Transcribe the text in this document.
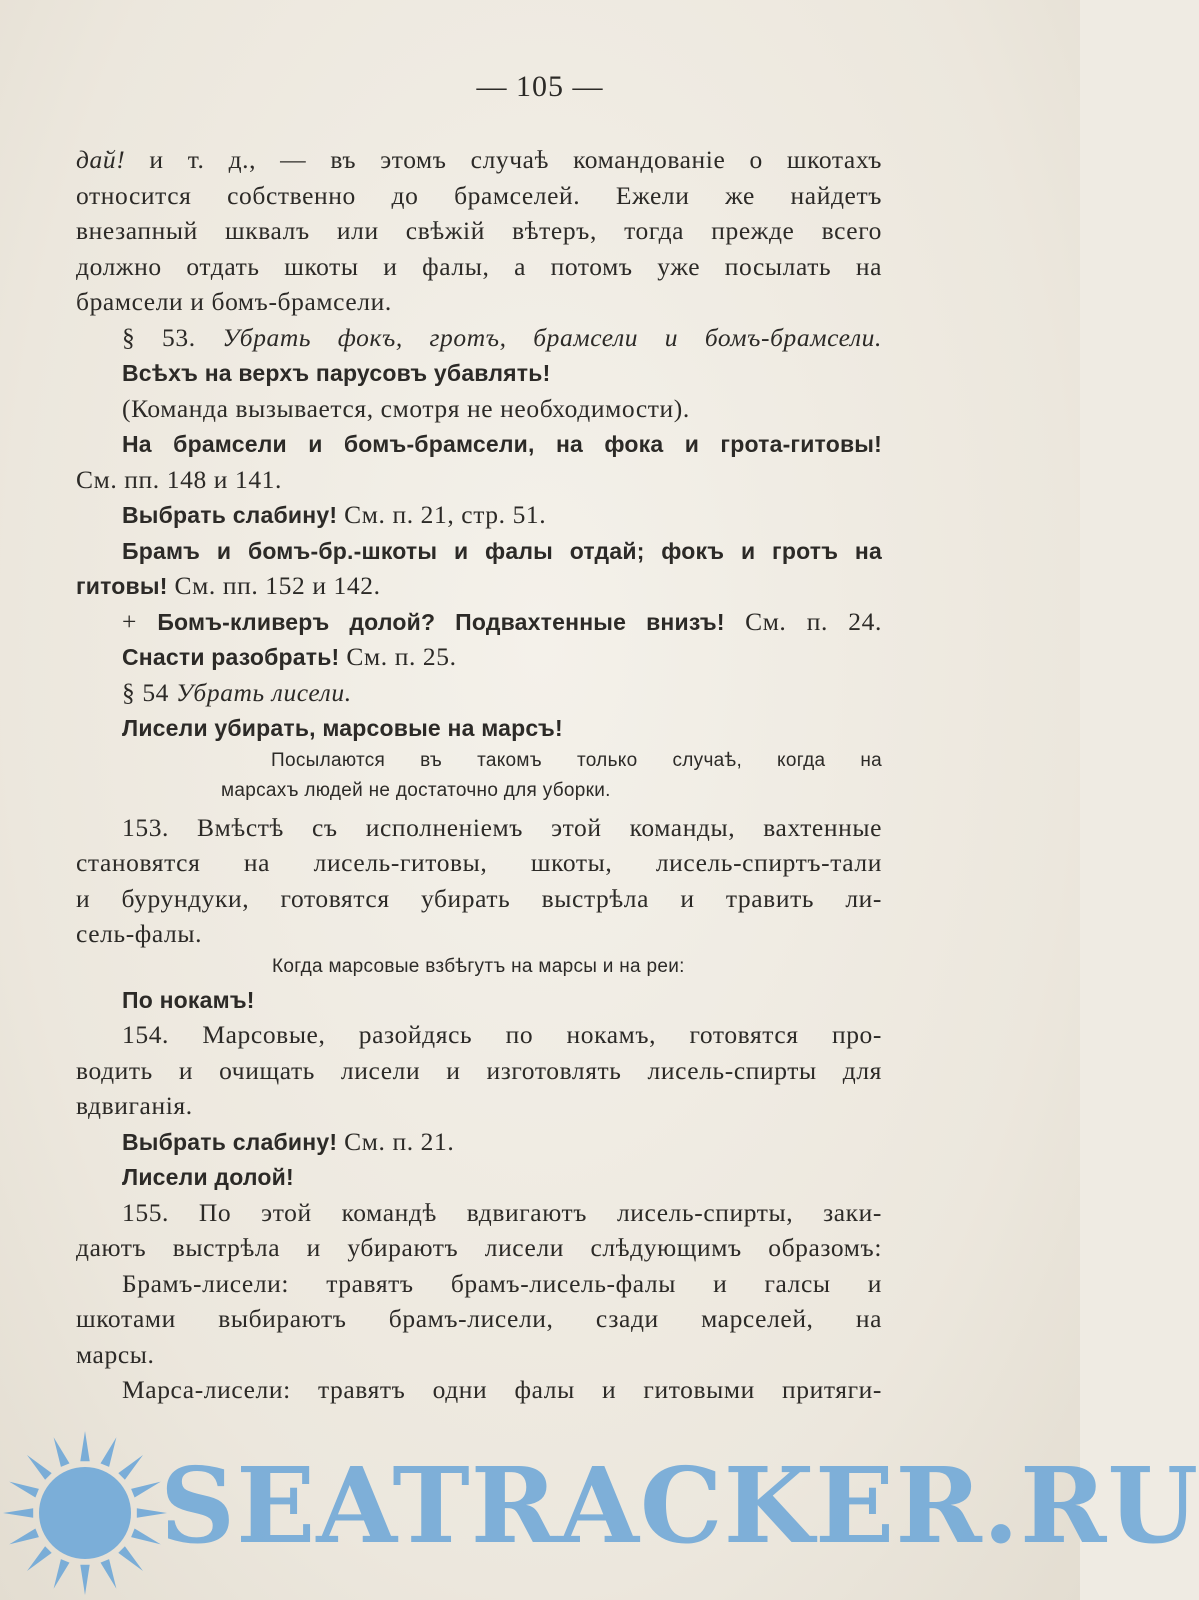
— 105 —
дай! и т. д., — въ этомъ случаѣ командованіе о шкотахъ
относится собственно до брамселей. Ежели же найдетъ
внезапный шквалъ или свѣжій вѣтеръ, тогда прежде всего
должно отдать шкоты и фалы, а потомъ уже посылать на
брамсели и бомъ-брамсели.
§ 53. Убрать фокъ, гротъ, брамсели и бомъ-брамсели.
Всѣхъ на верхъ парусовъ убавлять!
(Команда вызывается, смотря не необходимости).
На брамсели и бомъ-брамсели, на фока и грота-гитовы!
См. пп. 148 и 141.
Выбрать слабину! См. п. 21, стр. 51.
Брамъ и бомъ-бр.-шкоты и фалы отдай; фокъ и гротъ на
гитовы! См. пп. 152 и 142.
+ Бомъ-кливеръ долой? Подвахтенные внизъ! См. п. 24.
Снасти разобрать! См. п. 25.
§ 54 Убрать лисели.
Лисели убирать, марсовые на марсъ!
Посылаются въ такомъ только случаѣ, когда на
марсахъ людей не достаточно для уборки.
153. Вмѣстѣ съ исполненіемъ этой команды, вахтенные
становятся на лисель-гитовы, шкоты, лисель-спиртъ-тали
и бурундуки, готовятся убирать выстрѣла и травить ли-
сель-фалы.
Когда марсовые взбѣгутъ на марсы и на реи:
По нокамъ!
154. Марсовые, разойдясь по нокамъ, готовятся про-
водить и очищать лисели и изготовлять лисель-спирты для
вдвиганія.
Выбрать слабину! См. п. 21.
Лисели долой!
155. По этой командѣ вдвигаютъ лисель-спирты, заки-
даютъ выстрѣла и убираютъ лисели слѣдующимъ образомъ:
Брамъ-лисели: травятъ брамъ-лисель-фалы и галсы и
шкотами выбираютъ брамъ-лисели, сзади марселей, на
марсы.
Марса-лисели: травятъ одни фалы и гитовыми притяги-
SEATRACKER.RU
